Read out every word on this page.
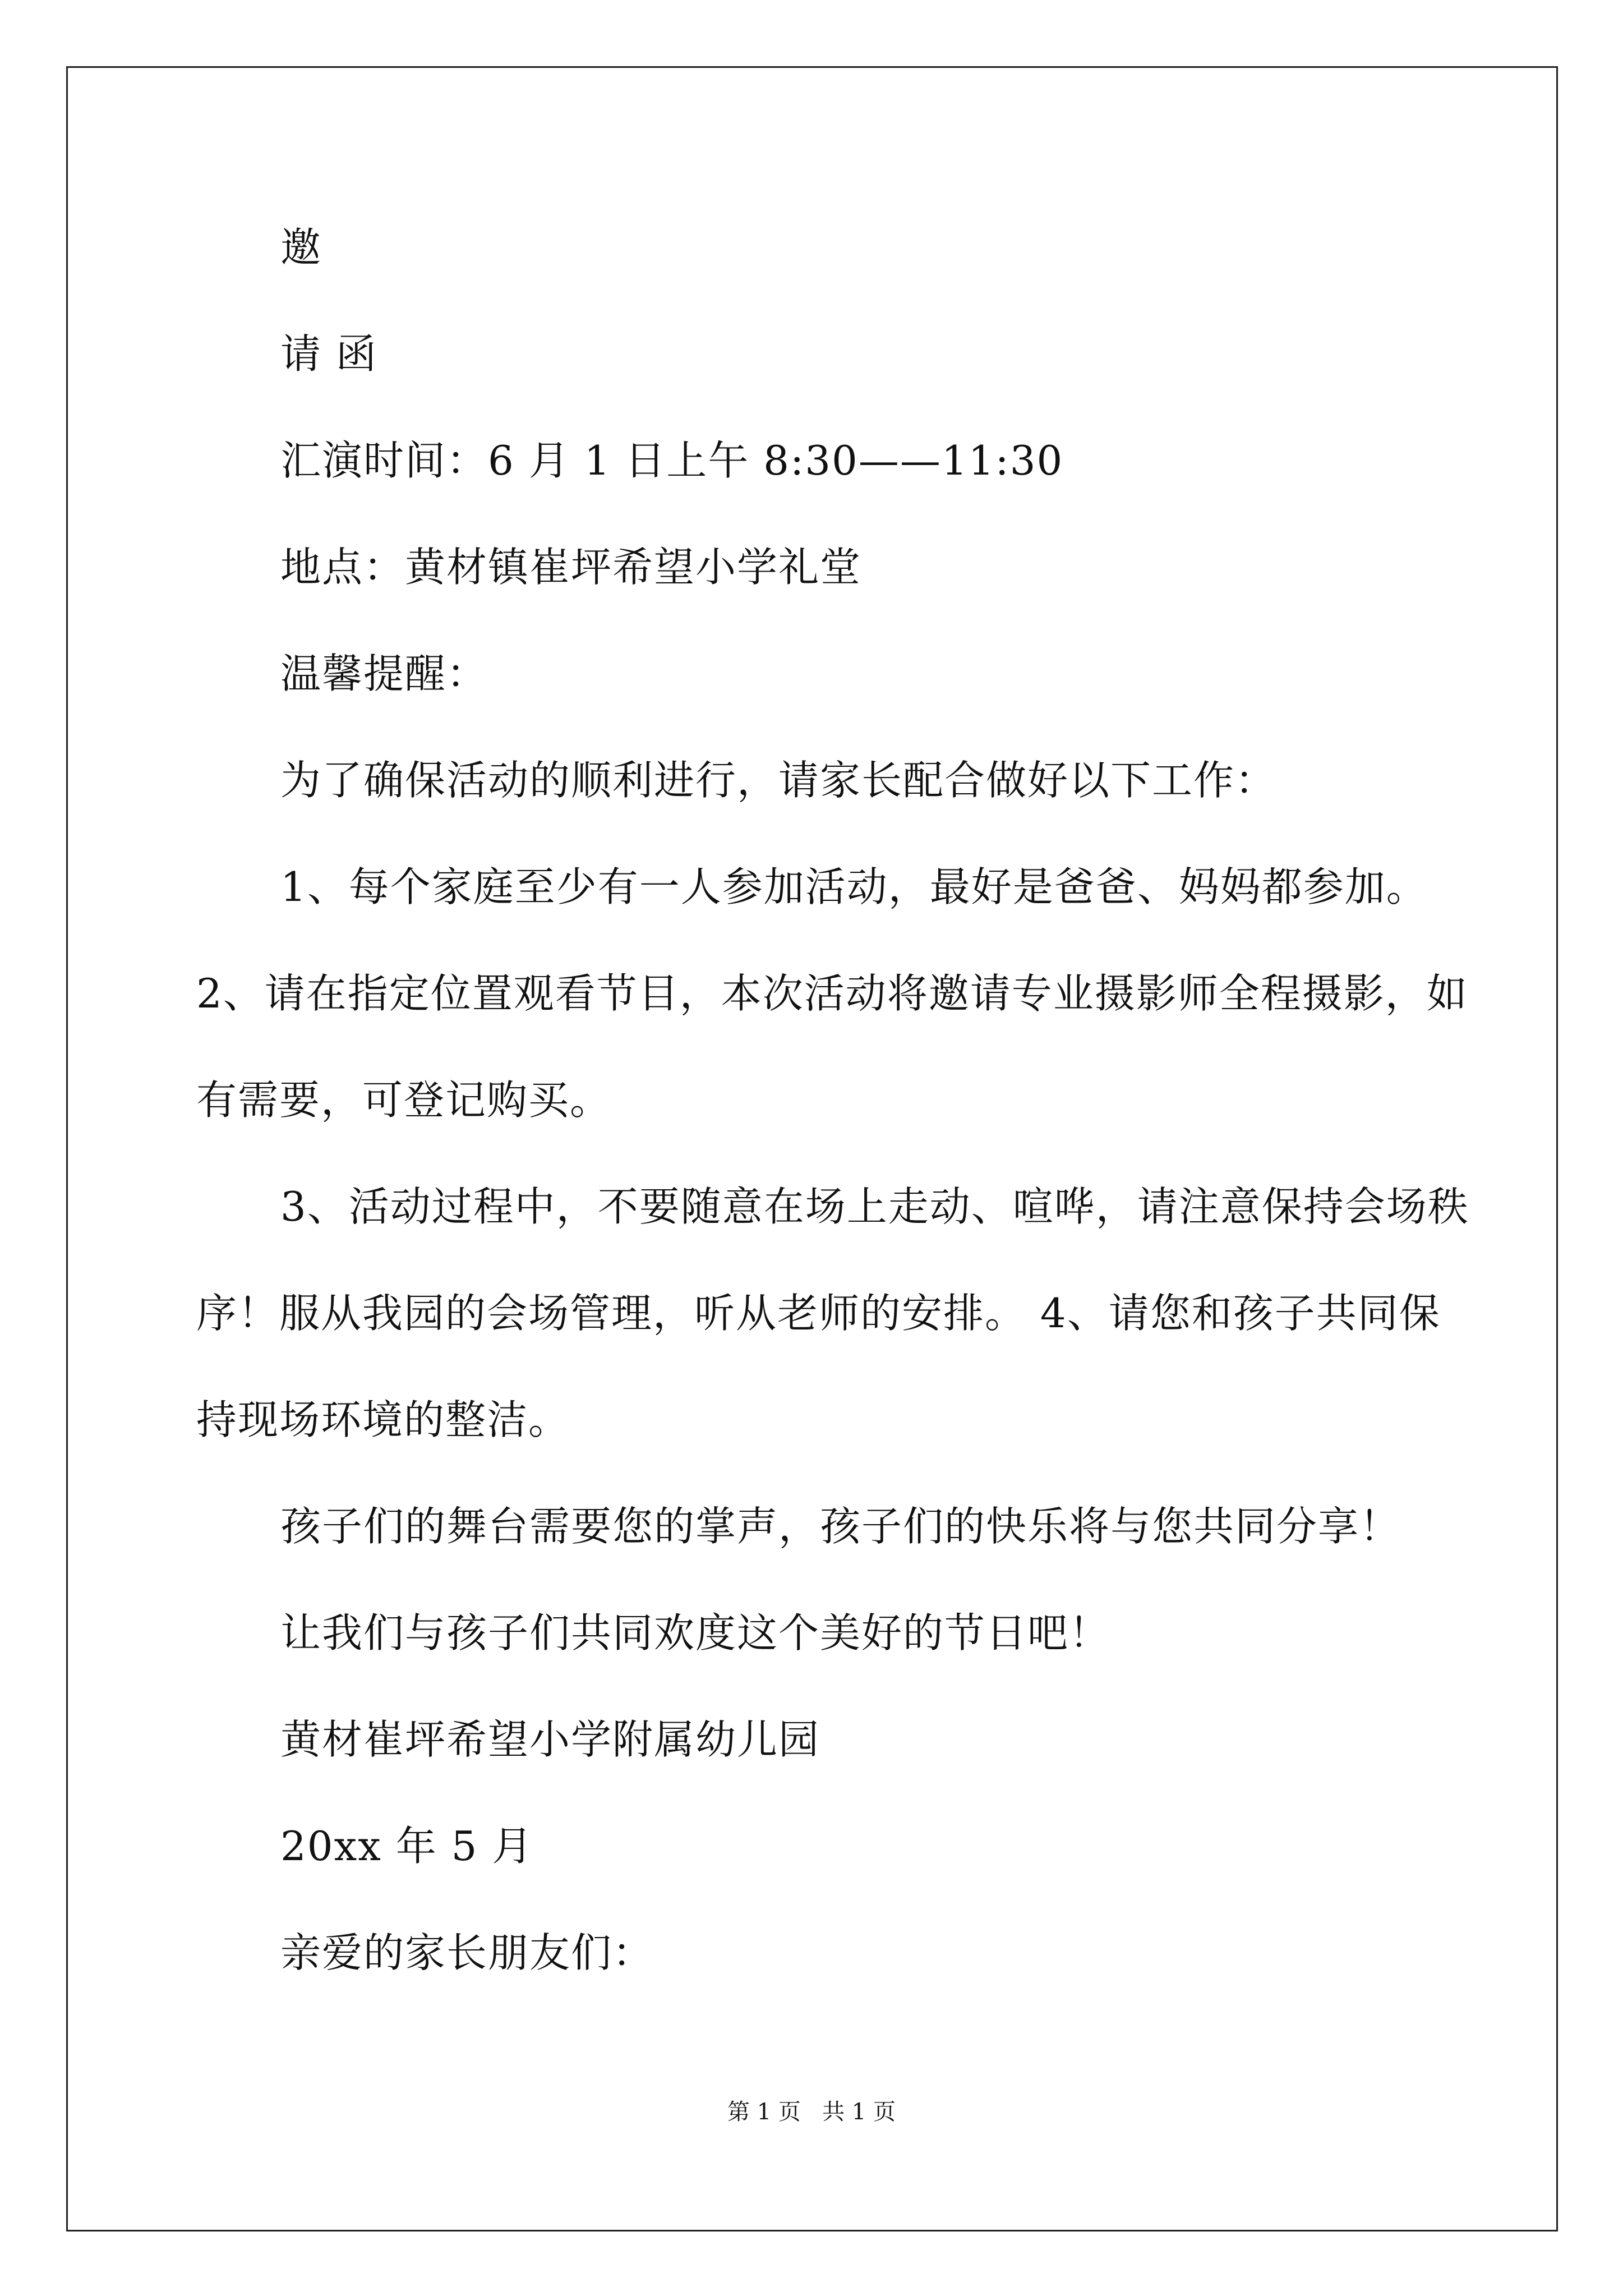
邀
请 函
汇演时间：6 月 1 日上午 8:30——11:30
地点：黄材镇崔坪希望小学礼堂
温馨提醒：
为了确保活动的顺利进行，请家长配合做好以下工作：
1、每个家庭至少有一人参加活动，最好是爸爸、妈妈都参加。
2、请在指定位置观看节目，本次活动将邀请专业摄影师全程摄影，如
有需要，可登记购买。
3、活动过程中，不要随意在场上走动、喧哗，请注意保持会场秩
序！服从我园的会场管理，听从老师的安排。 4、请您和孩子共同保
持现场环境的整洁。
孩子们的舞台需要您的掌声，孩子们的快乐将与您共同分享！
让我们与孩子们共同欢度这个美好的节日吧！
黄材崔坪希望小学附属幼儿园
20xx 年 5 月
亲爱的家长朋友们：
第 1 页   共 1 页
